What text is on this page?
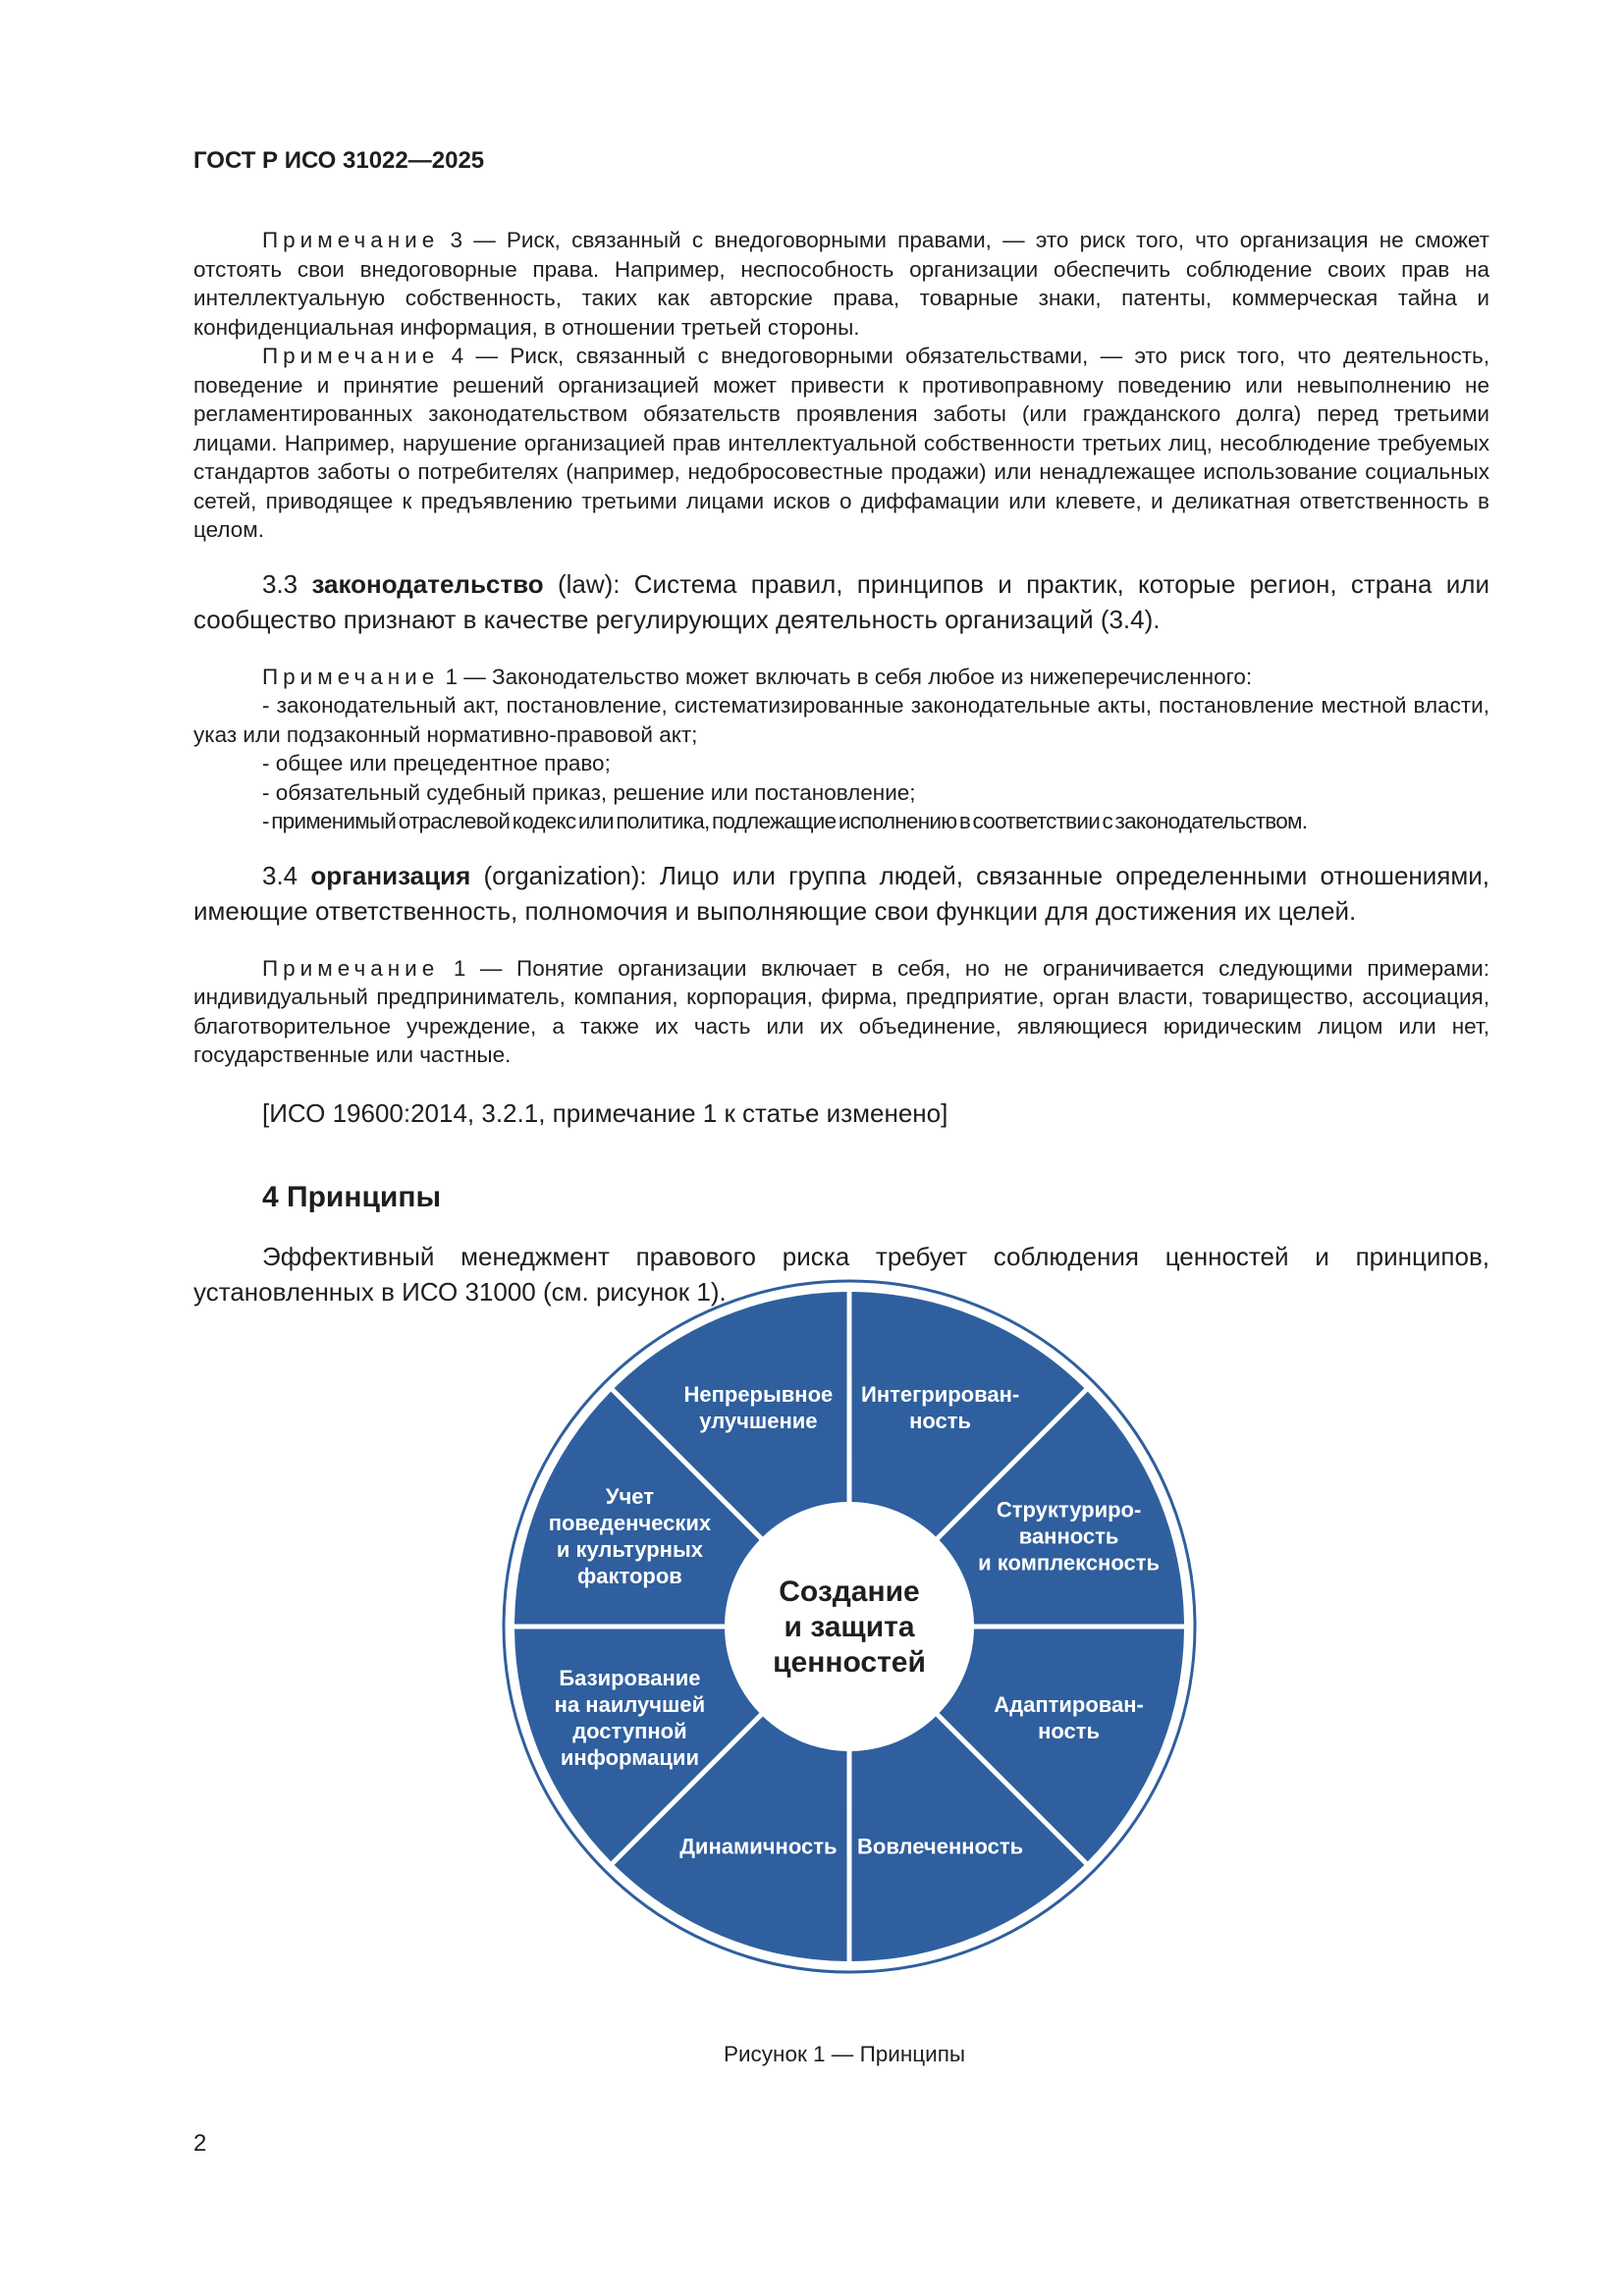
ГОСТ Р ИСО 31022—2025

Примечание 3 — Риск, связанный с внедоговорными правами, — это риск того, что организация не сможет отстоять свои внедоговорные права. Например, неспособность организации обеспечить соблюдение своих прав на интеллектуальную собственность, таких как авторские права, товарные знаки, патенты, коммерческая тайна и конфиденциальная информация, в отношении третьей стороны.

Примечание 4 — Риск, связанный с внедоговорными обязательствами, — это риск того, что деятельность, поведение и принятие решений организацией может привести к противоправному поведению или невыполнению не регламентированных законодательством обязательств проявления заботы (или гражданского долга) перед третьими лицами. Например, нарушение организацией прав интеллектуальной собственности третьих лиц, несоблюдение требуемых стандартов заботы о потребителях (например, недобросовестные продажи) или ненадлежащее использование социальных сетей, приводящее к предъявлению третьими лицами исков о диффамации или клевете, и деликатная ответственность в целом.

3.3 законодательство (law): Система правил, принципов и практик, которые регион, страна или сообщество признают в качестве регулирующих деятельность организаций (3.4).

Примечание 1 — Законодательство может включать в себя любое из нижеперечисленного:

- законодательный акт, постановление, систематизированные законодательные акты, постановление местной власти, указ или подзаконный нормативно-правовой акт;
- общее или прецедентное право;
- обязательный судебный приказ, решение или постановление;
- применимый отраслевой кодекс или политика, подлежащие исполнению в соответствии с законодательством.

3.4 организация (organization): Лицо или группа людей, связанные определенными отношениями, имеющие ответственность, полномочия и выполняющие свои функции для достижения их целей.

Примечание 1 — Понятие организации включает в себя, но не ограничивается следующими примерами: индивидуальный предприниматель, компания, корпорация, фирма, предприятие, орган власти, товарищество, ассоциация, благотворительное учреждение, а также их часть или их объединение, являющиеся юридическим лицом или нет, государственные или частные.

[ИСО 19600:2014, 3.2.1, примечание 1 к статье изменено]

4 Принципы

Эффективный менеджмент правового риска требует соблюдения ценностей и принципов, установленных в ИСО 31000 (см. рисунок 1).

Интегрирован-ность
Структуриро-ванность и комплексность
Адаптирован-ность
Вовлеченность
Динамичность
Базирование на наилучшей доступной информации
Учет поведенческих и культурных факторов
Непрерывное улучшение
Создание и защита ценностей

Рисунок 1 — Принципы

2
